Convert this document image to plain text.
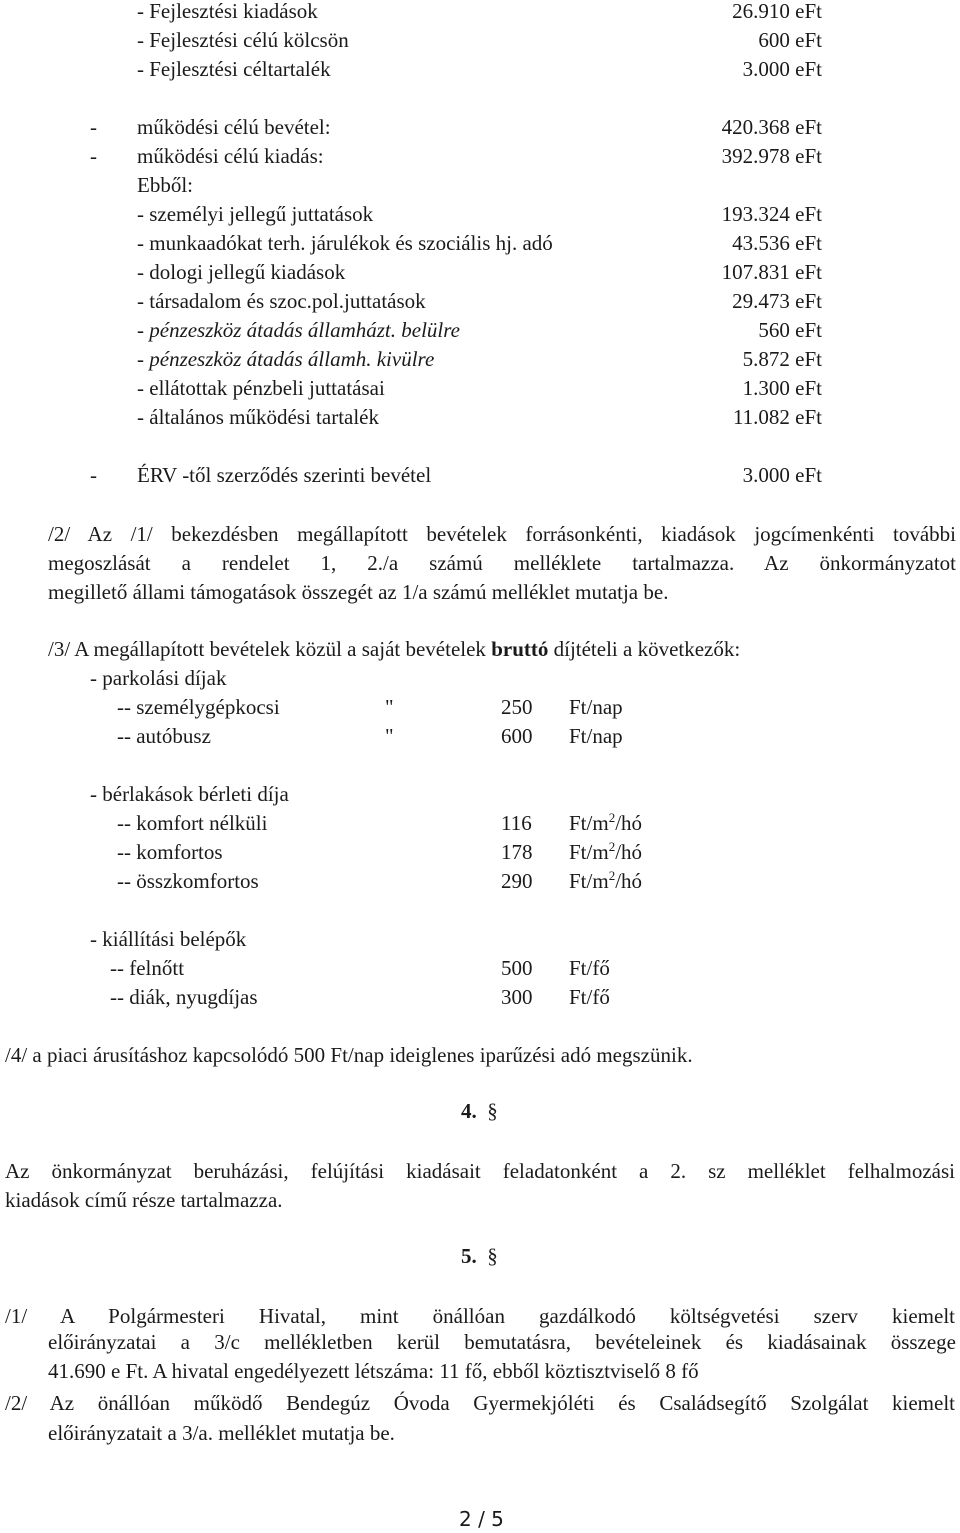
- Fejlesztési kiadások	26.910 eFt
- Fejlesztési célú kölcsön	600 eFt
- Fejlesztési céltartalék	3.000 eFt
- működési célú bevétel:	420.368 eFt
- működési célú kiadás:	392.978 eFt
Ebből:
- személyi jellegű juttatások	193.324 eFt
- munkaadókat terh. járulékok és szociális hj. adó	43.536 eFt
- dologi jellegű kiadások	107.831 eFt
- társadalom és szoc.pol.juttatások	29.473 eFt
- pénzeszköz átadás államházt. belülre	560 eFt
- pénzeszköz átadás államh. kivülre	5.872 eFt
- ellátottak pénzbeli juttatásai	1.300 eFt
- általános működési tartalék	11.082 eFt
- ÉRV -től szerződés szerinti bevétel	3.000 eFt
/2/ Az /1/ bekezdésben megállapított bevételek forrásonkénti, kiadások jogcímenkénti további
megoszlását a rendelet 1, 2./a számú melléklete tartalmazza. Az önkormányzatot
megillető állami támogatások összegét az 1/a számú melléklet mutatja be.
/3/ A megállapított bevételek közül a saját bevételek bruttó díjtételi a következők:
- parkolási díjak
-- személygépkocsi	"	250 Ft/nap
-- autóbusz	"	600 Ft/nap
- bérlakások bérleti díja
-- komfort nélküli	116 $Ft/m^2/hó$
-- komfortos	178 $Ft/m^2/hó$
-- összkomfortos	290 $Ft/m^2/hó$
- kiállítási belépők
-- felnőtt	500 Ft/fő
-- diák, nyugdíjas	300 Ft/fő
/4/ a piaci árusításhoz kapcsolódó 500 Ft/nap ideiglenes iparűzési adó megszünik.
4. §
Az önkormányzat beruházási, felújítási kiadásait feladatonként a 2. sz melléklet felhalmozási
kiadások című része tartalmazza.
5. §
/1/ A Polgármesteri Hivatal, mint önállóan gazdálkodó költségvetési szerv kiemelt
előirányzatai a 3/c mellékletben kerül bemutatásra, bevételeinek és kiadásainak összege
41.690 e Ft. A hivatal engedélyezett létszáma: 11 fő, ebből köztisztviselő 8 fő
/2/ Az önállóan működő Bendegúz Óvoda Gyermekjóléti és Családsegítő Szolgálat kiemelt
előirányzatait a 3/a. melléklet mutatja be.
2 / 5
